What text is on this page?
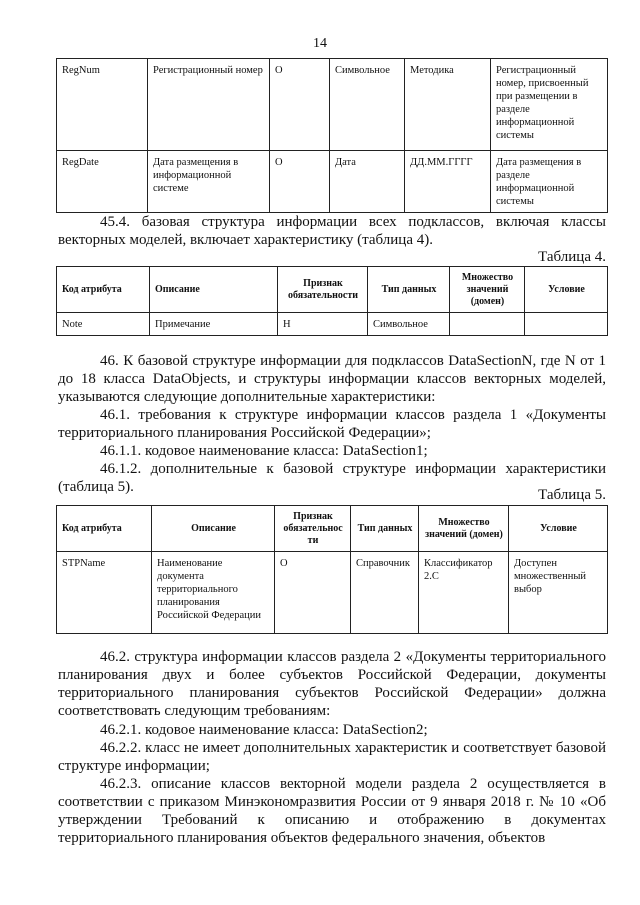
14
RegNum	Регистрационный номер	О	Символьное	Методика	Регистрационный номер, присвоенный при размещении в разделе информационной системы
RegDate	Дата размещения в информационной системе	О	Дата	ДД.ММ.ГГГГ	Дата размещения в разделе информационной системы

45.4. базовая структура информации всех подклассов, включая классы векторных моделей, включает характеристику (таблица 4).

Таблица 4.
Код атрибута	Описание	Признак обязательности	Тип данных	Множество значений (домен)	Условие
Note	Примечание	Н	Символьное		

46. К базовой структуре информации для подклассов DataSectionN, где N от 1 до 18 класса DataObjects, и структуры информации классов векторных моделей, указываются следующие дополнительные характеристики:

46.1. требования к структуре информации классов раздела 1 «Документы территориального планирования Российской Федерации»;

46.1.1. кодовое наименование класса: DataSection1;

46.1.2. дополнительные к базовой структуре информации характеристики (таблица 5).	Таблица 5.
Код атрибута	Описание	Признак обязательнос ти	Тип данных	Множество значений (домен)	Условие
STPName	Наименование документа территориального планирования Российской Федерации	О	Справочник	Классификатор 2.С	Доступен множественный выбор

46.2. структура информации классов раздела 2 «Документы территориального планирования двух и более субъектов Российской Федерации, документы территориального планирования субъектов Российской Федерации» должна соответствовать следующим требованиям:

46.2.1. кодовое наименование класса: DataSection2;

46.2.2. класс не имеет дополнительных характеристик и соответствует базовой структуре информации;

46.2.3. описание классов векторной модели раздела 2 осуществляется в соответствии с приказом Минэкономразвития России от 9 января 2018 г. № 10 «Об утверждении Требований к описанию и отображению в документах территориального планирования объектов федерального значения, объектов
